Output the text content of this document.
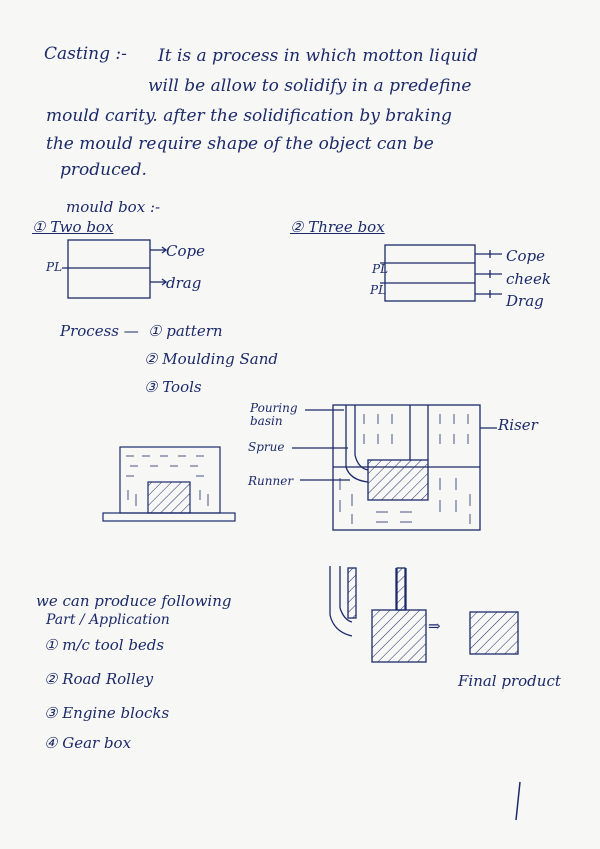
Casting :- It is a process in which motton liquid
will be allow to solidify in a predefine
mould carity. after the solidification by braking
the mould require shape of the object can be
produced.
mould box :-
① Two box	② Three box
PL
Cope
drag
PL
PL
Cope
cheek
Drag
Process — ① pattern
② Moulding Sand
③ Tools
Pouring basin
Sprue
Runner
Riser
we can produce following
Part / Application
① m/c tool beds
② Road Rolley
③ Engine blocks
④ Gear box
⇒
Final product
